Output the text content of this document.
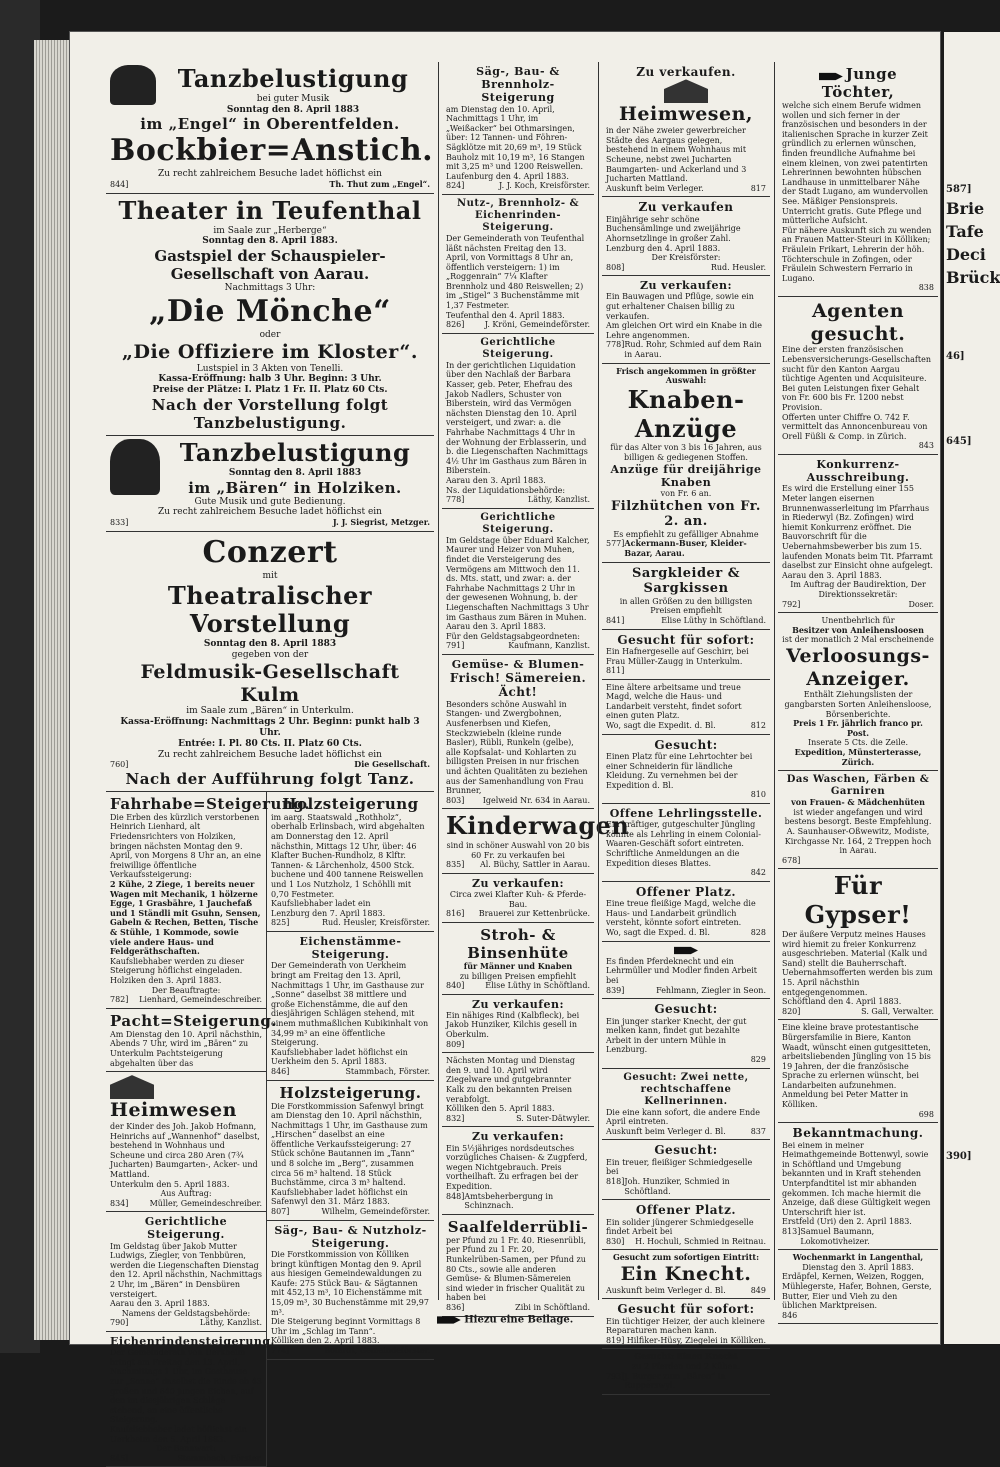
Tanzbelustigung
bei guter Musik
Sonntag den 8. April 1883
im „Engel“ in Oberentfelden.
Bockbier=Anstich.
Zu recht zahlreichem Besuche ladet höflichst ein
844]	Th. Thut zum „Engel“.
Theater in Teufenthal
im Saale zur „Herberge“
Sonntag den 8. April 1883.
Gastspiel der Schauspieler-Gesellschaft von Aarau.
Nachmittags 3 Uhr:
„Die Mönche“
oder
„Die Offiziere im Kloster“.
Lustspiel in 3 Akten von Tenelli.
Kassa-Eröffnung: halb 3 Uhr. Beginn: 3 Uhr.
Preise der Plätze: I. Platz 1 Fr. II. Platz 60 Cts.
Nach der Vorstellung folgt Tanzbelustigung.
Tanzbelustigung
Sonntag den 8. April 1883
im „Bären“ in Holziken.
Gute Musik und gute Bedienung.
Zu recht zahlreichem Besuche ladet höflichst ein
833]	J. J. Siegrist, Metzger.
Conzert
mit
Theatralischer Vorstellung
Sonntag den 8. April 1883
gegeben von der
Feldmusik-Gesellschaft Kulm
im Saale zum „Bären“ in Unterkulm.
Kassa-Eröffnung: Nachmittags 2 Uhr. Beginn: punkt halb 3 Uhr.
Entrée: I. Pl. 80 Cts. II. Platz 60 Cts.
Zu recht zahlreichem Besuche ladet höflichst ein
760]	Die Gesellschaft.
Nach der Aufführung folgt Tanz.
Fahrhabe=Steigerung.
Die Erben des kürzlich verstorbenen Heinrich Lienhard, alt Friedensrichters von Holziken, bringen nächsten Montag den 9. April, von Morgens 8 Uhr an, an eine freiwillige öffentliche Verkaufssteigerung:
2 Kühe, 2 Ziege, 1 bereits neuer Wagen mit Mechanik, 1 hölzerne Egge, 1 Grasbähre, 1 Jauchefaß und 1 Ständli mit Gsuhn, Sensen, Gabeln & Rechen, Betten, Tische & Stühle, 1 Kommode, sowie viele andere Haus- und Feldgeräthschaften.
Kaufsliebhaber werden zu dieser Steigerung höflichst eingeladen.
Holziken den 3. April 1883.
Der Beauftragte:
782] Lienhard, Gemeindeschreiber.
Pacht=Steigerung.
Am Dienstag den 10. April nächsthin, Abends 7 Uhr, wird im „Bären“ zu Unterkulm Pachtsteigerung abgehalten über das
Heimwesen
der Kinder des Joh. Jakob Hofmann, Heinrichs auf „Wannenhof“ daselbst, bestehend in Wohnhaus und Scheune und circa 280 Aren (7¾ Jucharten) Baumgarten-, Acker- und Mattland.
Unterkulm den 5. April 1883.
Aus Auftrag:
834]	Müller, Gemeindeschreiber.
Gerichtliche Steigerung.
Im Geldstag über Jakob Mutter Ludwigs, Ziegler, von Tenbbüren, werden die Liegenschaften Dienstag den 12. April nächsthin, Nachmittags 2 Uhr, im „Bären“ in Densbüren versteigert.
Aarau den 3. April 1883.
Namens der Geldstagsbehörde:
790]	Läthy, Kanzlist.
Eichenrindensteigerung.
Der Gemeinderath von Uerkheim bringt am Freitag den 13. April, Nachmittags 1 Uhr, im Gasthause zur „Sonne“ daselbst die Rinde ab 43 großen und 640 jungen Eichen, auf den im diesjährigen Schläge stehend, an eine öffentliche Steigerung.
Kaufsliebhaber ladet höflichst ein
Uerkheim den 5. April 1883.
Der Bannwart:
845]	Stammbach, Förster.
Holzsteigerung
im aarg. Staatswald „Rothholz“, oberhalb Erlinsbach, wird abgehalten am Donnerstag den 12. April nächsthin, Mittags 12 Uhr, über: 46 Klafter Buchen-Rundholz, 8 Klftr. Tannen- & Lärchenholz, 4500 Stck. buchene und 400 tannene Reiswellen und 1 Los Nutzholz, 1 Schöhlli mit 0,70 Festmeter.
Kaufsliebhaber ladet ein
Lenzburg den 7. April 1883.
825]	Rud. Heusler, Kreisförster.
Eichenstämme-Steigerung.
Der Gemeinderath von Uerkheim bringt am Freitag den 13. April, Nachmittags 1 Uhr, im Gasthause zur „Sonne“ daselbst 38 mittlere und große Eichenstämme, die auf den diesjährigen Schlägen stehend, mit einem muthmaßlichen Kubikinhalt von 34,99 m³ an eine öffentliche Steigerung.
Kaufsliebhaber ladet höflichst ein
Uerkheim den 5. April 1883.
846]	Stammbach, Förster.
Holzsteigerung.
Die Forstkommission Safenwyl bringt am Dienstag den 10. April nächsthin, Nachmittags 1 Uhr, im Gasthause zum „Hirschen“ daselbst an eine öffentliche Verkaufssteigerung: 27 Stück schöne Bautannen im „Tann“ und 8 solche im „Berg“, zusammen circa 56 m³ haltend. 18 Stück Buchstämme, circa 3 m³ haltend.
Kaufsliebhaber ladet höflichst ein
Safenwyl den 31. März 1883.
807]	Wilhelm, Gemeindeförster.
Säg-, Bau- & Nutzholz-Steigerung.
Die Forstkommission von Kölliken bringt künftigen Montag den 9. April aus hiesigen Gemeindewaldungen zu Kaufe: 275 Stück Bau- & Sägtannen mit 452,13 m³, 10 Eichenstämme mit 15,09 m³, 30 Buchenstämme mit 29,97 m³.
Die Steigerung beginnt Vormittags 8 Uhr im „Schlag im Tann“.
Kölliken den 2. April 1883.
774]	Bofardt, Gemeindeförster.
Säg-, Bau- & Brennholz-Steigerung
am Dienstag den 10. April, Nachmittags 1 Uhr, im „Weißacker“ bei Othmarsingen, über: 12 Tannen- und Föhren-Sägklötze mit 20,69 m³, 19 Stück Bauholz mit 10,19 m³, 16 Stangen mit 3,25 m³ und 1200 Reiswellen.
Laufenburg den 4. April 1883.
824]	J. J. Koch, Kreisförster.
Nutz-, Brennholz- & Eichenrinden-Steigerung.
Der Gemeinderath von Teufenthal läßt nächsten Freitag den 13. April, von Vormittags 8 Uhr an, öffentlich versteigern: 1) im „Roggenrain“ 7¼ Klafter Brennholz und 480 Reiswellen; 2) im „Stigel“ 3 Buchenstämme mit 1,37 Festmeter.
Teufenthal den 4. April 1883.
826]	J. Kröni, Gemeindeförster.
Gerichtliche Steigerung.
In der gerichtlichen Liquidation über den Nachlaß der Barbara Kasser, geb. Peter, Ehefrau des Jakob Nadlers, Schuster von Biberstein, wird das Vermögen nächsten Dienstag den 10. April versteigert, und zwar: a. die Fahrhabe Nachmittags 4 Uhr in der Wohnung der Erblasserin, und b. die Liegenschaften Nachmittags 4½ Uhr im Gasthaus zum Bären in Biberstein.
Aarau den 3. April 1883.
Ns. der Liquidationsbehörde:
778]	Läthy, Kanzlist.
Gerichtliche Steigerung.
Im Geldstage über Eduard Kalcher, Maurer und Heizer von Muhen, findet die Versteigerung des Vermögens am Mittwoch den 11. ds. Mts. statt, und zwar: a. der Fahrhabe Nachmittags 2 Uhr in der gewesenen Wohnung, b. der Liegenschaften Nachmittags 3 Uhr im Gasthaus zum Bären in Muhen.
Aarau den 3. April 1883.
Für den Geldstagsabgeordneten:
791]	Kaufmann, Kanzlist.
Gemüse- & Blumen-
Frisch! Sämereien. Ächt!
Besonders schöne Auswahl in Stangen- und Zwergbohnen, Ausfenerbsen und Kiefen, Steckzwiebeln (kleine runde Basler), Rübli, Runkeln (gelbe), alle Kopfsalat- und Kohlarten zu billigsten Preisen in nur frischen und ächten Qualitäten zu beziehen aus der Samenhandlung von Frau Brunner,
803] Igelweid Nr. 634 in Aarau.
Kinderwagen
sind in schöner Auswahl von 20 bis 60 Fr. zu verkaufen bei
835] Al. Büchy, Sattler in Aarau.
Zu verkaufen:
Circa zwei Klafter Kuh- & Pferde-Bau.
816] Brauerei zur Kettenbrücke.
Stroh- & Binsenhüte
für Männer und Knaben
zu billigen Preisen empfiehlt
840]	Elise Lüthy in Schöftland.
Zu verkaufen:
Ein nähiges Rind (Kalbfleck), bei Jakob Hunziker, Kilchis gesell in Oberkulm.
809]
Nächsten Montag und Dienstag den 9. und 10. April wird Ziegelware und gutgebrannter Kalk zu den bekannten Preisen verabfolgt.
Kölliken den 5. April 1883.
832]	S. Suter-Dätwyler.
Zu verkaufen:
Ein 5½jähriges nordsdeutsches vorzügliches Chaisen- & Zugpferd, wegen Nichtgebrauch. Preis vortheilhaft. Zu erfragen bei der Expedition.
848] Amtsbeherbergung in Schinznach.
Saalfelderrübli-
per Pfund zu 1 Fr. 40. Riesenrübli, per Pfund zu 1 Fr. 20, Runkelrüben-Samen, per Pfund zu 80 Cts., sowie alle anderen Gemüse- & Blumen-Sämereien sind wieder in frischer Qualität zu haben bei
836]	Zibi in Schöftland.
Zu verkaufen.
Heimwesen,
in der Nähe zweier gewerbreicher Städte des Aargaus gelegen, bestehend in einem Wohnhaus mit Scheune, nebst zwei Jucharten Baumgarten- und Ackerland und 3 Jucharten Mattland.
Auskunft beim Verleger.	817
Zu verkaufen
Einjährige sehr schöne Buchensämlinge und zweijährige Ahornsetzlinge in großer Zahl.
Lenzburg den 4. April 1883.
Der Kreisförster:
808]	Rud. Heusler.
Zu verkaufen:
Ein Bauwagen und Pflüge, sowie ein gut erhaltener Chaisen billig zu verkaufen.
Am gleichen Ort wird ein Knabe in die Lehre angenommen.
778] Rud. Rohr, Schmied auf dem Rain in Aarau.
Frisch angekommen in größter Auswahl:
Knaben-Anzüge
für das Alter von 3 bis 16 Jahren, aus billigen & gediegenen Stoffen.
Anzüge für dreijährige Knaben
von Fr. 6 an.
Filzhütchen von Fr. 2. an.
Es empfiehlt zu gefälliger Abnahme
577] Ackermann-Buser, Kleider-Bazar, Aarau.
Sargkleider & Sargkissen
in allen Größen zu den billigsten Preisen empfiehlt
841]	Elise Lüthy in Schöftland.
Gesucht für sofort:
Ein Hafnergeselle auf Geschirr, bei Frau Müller-Zaugg in Unterkulm.
811]
Eine ältere arbeitsame und treue Magd, welche die Haus- und Landarbeit versteht, findet sofort einen guten Platz.
Wo, sagt die Expedit. d. Bl.	812
Gesucht:
Einen Platz für eine Lehrtochter bei einer Schneiderin für ländliche Kleidung. Zu vernehmen bei der Expedition d. Bl.
810
Offene Lehrlingsstelle.
Ein kräftiger, gutgeschulter Jüngling könnte als Lehrling in einem Colonial-Waaren-Geschäft sofort eintreten. Schriftliche Anmeldungen an die Expedition dieses Blattes.
842
Offener Platz.
Eine treue fleißige Magd, welche die Haus- und Landarbeit gründlich versteht, könnte sofort eintreten.
Wo, sagt die Exped. d. Bl.	828
Es finden Pferdeknecht und ein Lehrmüller und Modler finden Arbeit bei
839]	Fehlmann, Ziegler in Seon.
Gesucht:
Ein junger starker Knecht, der gut melken kann, findet gut bezahlte Arbeit in der untern Mühle in Lenzburg.
829
Gesucht: Zwei nette, rechtschaffene Kellnerinnen.
Die eine kann sofort, die andere Ende April eintreten.
Auskunft beim Verleger d. Bl.	837
Gesucht:
Ein treuer, fleißiger Schmiedgeselle bei
818] Joh. Hunziker, Schmied in Schöftland.
Offener Platz.
Ein solider jüngerer Schmiedgeselle findet Arbeit bei
830] H. Hochuli, Schmied in Reitnau.
Gesucht zum sofortigen Eintritt:
Ein Knecht.
Auskunft beim Verleger d. Bl.	849
Gesucht für sofort:
Ein tüchtiger Heizer, der auch kleinere Reparaturen machen kann.
819] Hilfiker-Hüsy, Ziegelei in Kölliken.
Gesucht: Einen Knecht
zu 2 Pferden und 2 Kühen.
793] J. Burger zum „Bären“ in Rupperswyl.
Junge Töchter,
welche sich einem Berufe widmen wollen und sich ferner in der französischen und besonders in der italienischen Sprache in kurzer Zeit gründlich zu erlernen wünschen, finden freundliche Aufnahme bei einem kleinen, von zwei patentirten Lehrerinnen bewohnten hübschen Landhause in unmittelbarer Nähe der Stadt Lugano, am wundervollen See. Mäßiger Pensionspreis. Unterricht gratis. Gute Pflege und mütterliche Aufsicht.
Für nähere Auskunft sich zu wenden an Frauen Matter-Steuri in Kölliken; Fräulein Frikart, Lehrerin der höh. Töchterschule in Zofingen, oder Fräulein Schwestern Ferrario in Lugano.
838
Agenten gesucht.
Eine der ersten französischen Lebensversicherungs-Gesellschaften sucht für den Kanton Aargau tüchtige Agenten und Acquisiteure. Bei guten Leistungen fixer Gehalt von Fr. 600 bis Fr. 1200 nebst Provision.
Offerten unter Chiffre O. 742 F. vermittelt das Annoncenbureau von Orell Füßli & Comp. in Zürich.
843
Konkurrenz-Ausschreibung.
Es wird die Erstellung einer 155 Meter langen eisernen Brunnenwasserleitung im Pfarrhaus in Riederwyl (Bz. Zofingen) wird hiemit Konkurrenz eröffnet. Die Bauvorschrift für die Uebernahmsbewerber bis zum 15. laufenden Monats beim Tit. Pfarramt daselbst zur Einsicht ohne aufgelegt.
Aarau den 3. April 1883.
Im Auftrag der Baudirektion, Der Direktionssekretär:
792]	Doser.
Unentbehrlich für
Besitzer von Anleihensloosen
ist der monatlich 2 Mal erscheinende
Verloosungs-Anzeiger.
Enthält Ziehungslisten der gangbarsten Sorten Anleihensloose, Börsenberichte.
Preis 1 Fr. jährlich franco pr. Post.
Inserate 5 Cts. die Zeile.
Expedition, Münsterterasse, Zürich.
Das Waschen, Färben & Garniren
von Frauen- & Mädchenhüten
ist wieder angefangen und wird bestens besorgt. Beste Empfehlung.
A. Saunhauser-Oßwewitz, Modiste, Kirchgasse Nr. 164, 2 Treppen hoch in Aarau.
678]
Für Gypser!
Der äußere Verputz meines Hauses wird hiemit zu freier Konkurrenz ausgeschrieben. Material (Kalk und Sand) stellt die Bauherrschaft. Uebernahmsofferten werden bis zum 15. April nächsthin entgegengenommen.
Schöftland den 4. April 1883.
820]	S. Gall, Verwalter.
Eine kleine brave protestantische Bürgersfamilie in Biere, Kanton Waadt, wünscht einen gutgesitteten, arbeitsliebenden Jüngling von 15 bis 19 Jahren, der die französische Sprache zu erlernen wünscht, bei Landarbeiten aufzunehmen. Anmeldung bei Peter Matter in Kölliken.
698
Bekanntmachung.
Bei einem in meiner Heimathgemeinde Bottenwyl, sowie in Schöftland und Umgebung bekannten und in Kraft stehenden Unterpfandtitel ist mir abhanden gekommen. Ich mache hiermit die Anzeige, daß diese Gültigkeit wegen Unterschrift hier ist.
Erstfeld (Uri) den 2. April 1883.
813] Samuel Baumann, Lokomotivheizer.
Wochenmarkt in Langenthal,
Dienstag den 3. April 1883.
Erdäpfel, Kernen, Weizen, Roggen, Mühlegerste, Hafer, Bohnen, Gerste, Butter, Eier und Vieh zu den üblichen Marktpreisen.
846
Hiezu eine Beilage.
587]
Brie
Tafe
Deci
Brück
46]
645]
390]
